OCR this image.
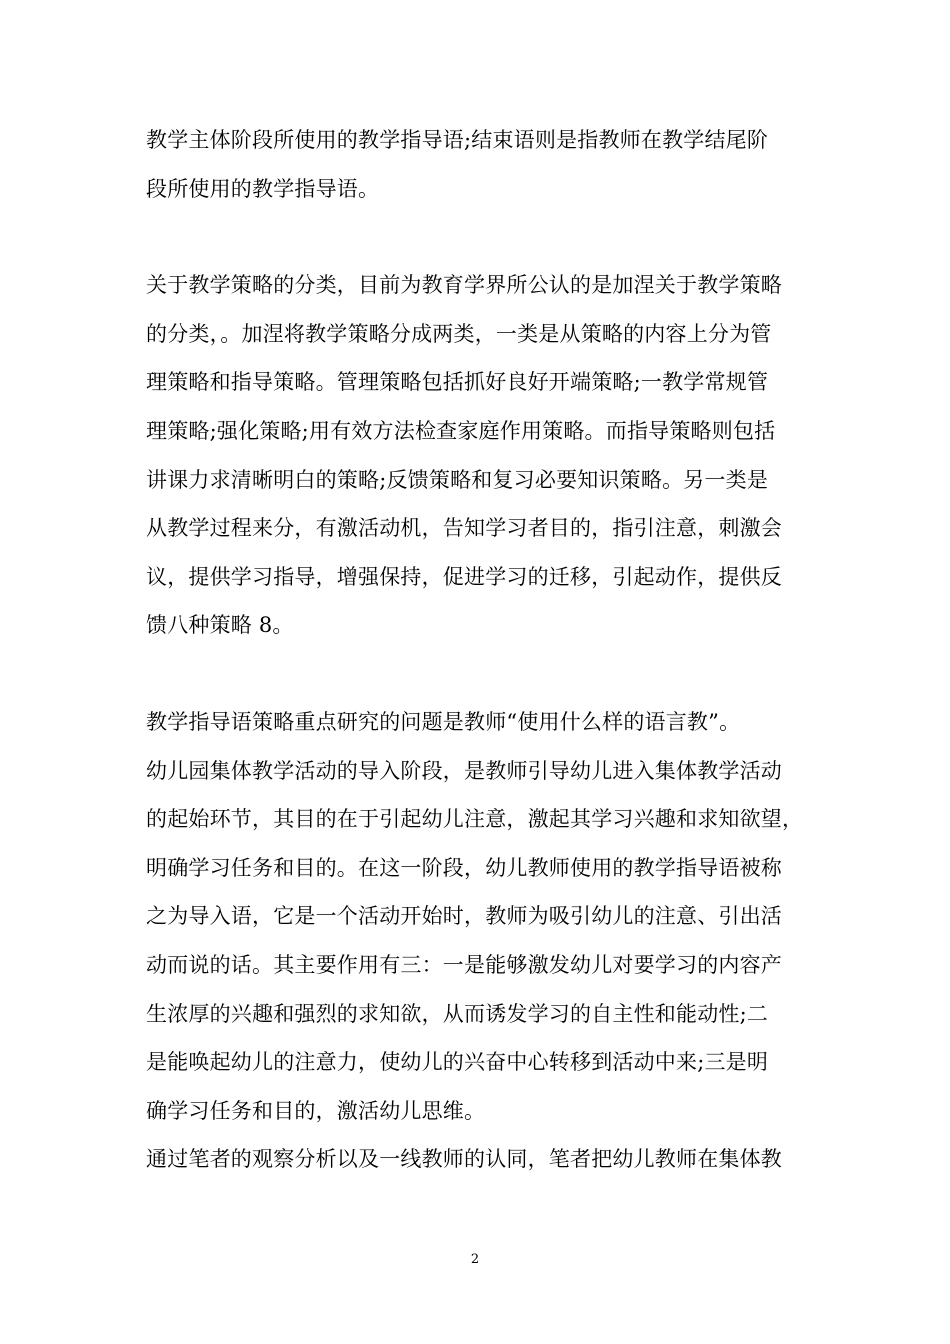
教学主体阶段所使用的教学指导语;结束语则是指教师在教学结尾阶
段所使用的教学指导语。

关于教学策略的分类，目前为教育学界所公认的是加涅关于教学策略
的分类，。加涅将教学策略分成两类，一类是从策略的内容上分为管
理策略和指导策略。管理策略包括抓好良好开端策略;一教学常规管
理策略;强化策略;用有效方法检查家庭作用策略。而指导策略则包括
讲课力求清晰明白的策略;反馈策略和复习必要知识策略。另一类是
从教学过程来分，有激活动机，告知学习者目的，指引注意，刺激会
议，提供学习指导，增强保持，促进学习的迁移，引起动作，提供反
馈八种策略 8。

教学指导语策略重点研究的问题是教师“使用什么样的语言教”。

幼儿园集体教学活动的导入阶段，是教师引导幼儿进入集体教学活动
的起始环节，其目的在于引起幼儿注意，激起其学习兴趣和求知欲望，
明确学习任务和目的。在这一阶段，幼儿教师使用的教学指导语被称
之为导入语，它是一个活动开始时，教师为吸引幼儿的注意、引出活
动而说的话。其主要作用有三：一是能够激发幼儿对要学习的内容产
生浓厚的兴趣和强烈的求知欲，从而诱发学习的自主性和能动性;二
是能唤起幼儿的注意力，使幼儿的兴奋中心转移到活动中来;三是明
确学习任务和目的，激活幼儿思维。

通过笔者的观察分析以及一线教师的认同，笔者把幼儿教师在集体教

2
